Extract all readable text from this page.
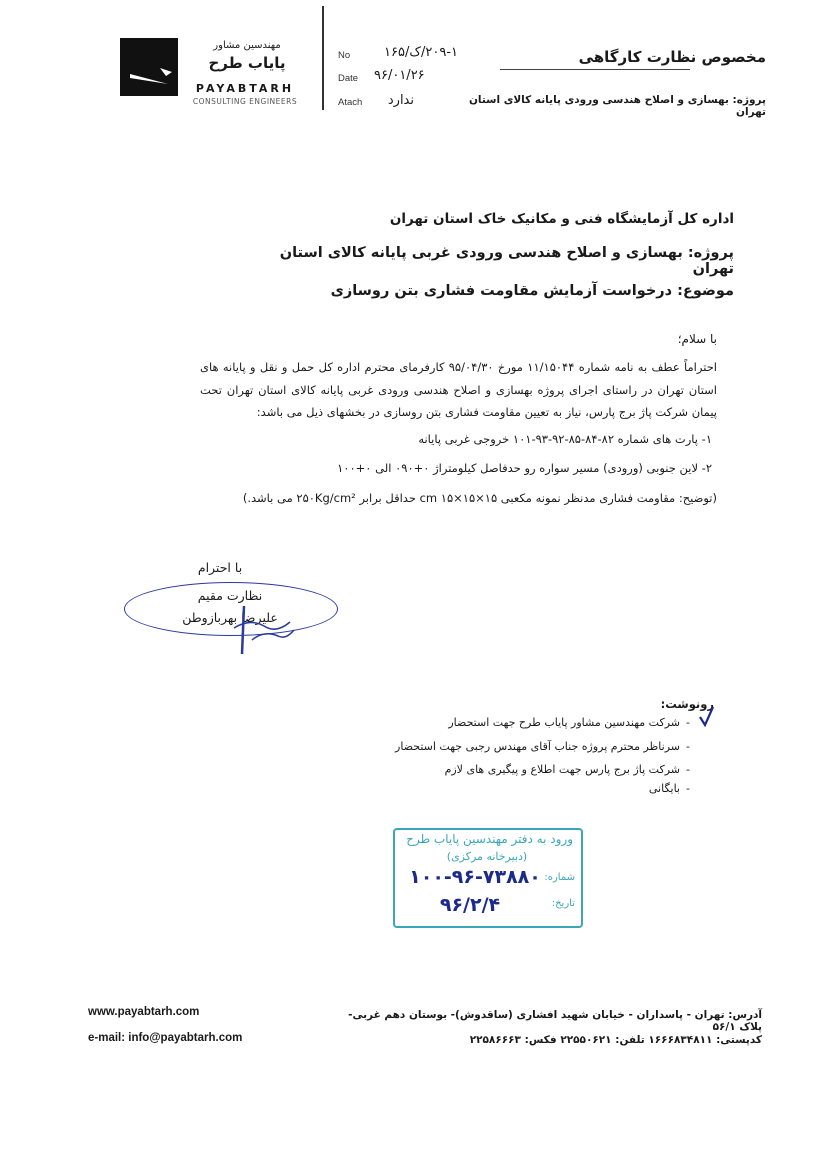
مهندسین مشاور
پایاب طرح
PAYABTARH
CONSULTING ENGINEERS
No	۲۰۹-۱/ک/۱۶۵
Date ۹۶/۰۱/۲۶
Atach	ندارد
مخصوص نظارت کارگاهی
پروژه: بهسازی و اصلاح هندسی ورودی پایانه کالای استان تهران
اداره کل آزمایشگاه فنی و مکانیک خاک استان تهران
پروژه: بهسازی و اصلاح هندسی ورودی غربی پایانه کالای استان تهران
موضوع: درخواست آزمایش مقاومت فشاری بتن روسازی
با سلام؛
احتراماً عطف به نامه شماره ۱۱/۱۵۰۴۴ مورخ ۹۵/۰۴/۳۰ کارفرمای محترم اداره کل حمل و نقل و پایانه های استان تهران در راستای اجرای پروژه بهسازی و اصلاح هندسی ورودی غربی پایانه کالای استان تهران تحت پیمان شرکت پاژ برج پارس، نیاز به تعیین مقاومت فشاری بتن روسازی در بخشهای ذیل می باشد:
۱- پارت های شماره ۸۲-۸۴-۸۵-۹۲-۹۳-۱۰۱ خروجی غربی پایانه
۲- لاین جنوبی (ورودی) مسیر سواره رو حدفاصل کیلومتراژ ۰+۰۹۰ الی ۰+۱۰۰
(توضیح: مقاومت فشاری مدنظر نمونه مکعبی ۱۵×۱۵×۱۵ cm حداقل برابر ۲۵۰Kg/cm² می باشد.)
با احترام
نظارت مقیم
علیرضا بهربازوطن
رونوشت:
-
شرکت مهندسین مشاور پایاب طرح جهت استحضار
-
سرناظر محترم پروژه جناب آقای مهندس رجبی جهت استحضار
-
شرکت پاژ برج پارس جهت اطلاع و پیگیری های لازم
-
بایگانی
ورود به دفتر مهندسین پایاب طرح
(دبیرخانه مرکزی)
شماره:
۱۰۰-۹۶-۷۳۸۸۰
تاریخ:
۹۶/۲/۴
www.payabtarh.com
e-mail: info@payabtarh.com
آدرس: تهران - پاسداران - خیابان شهید افشاری (ساقدوش)- بوستان دهم غربی- پلاک ۵۶/۱
کدپستی: ۱۶۶۶۸۳۴۸۱۱ تلفن: ۲۲۵۵۰۶۲۱ فکس: ۲۲۵۸۶۶۶۳
